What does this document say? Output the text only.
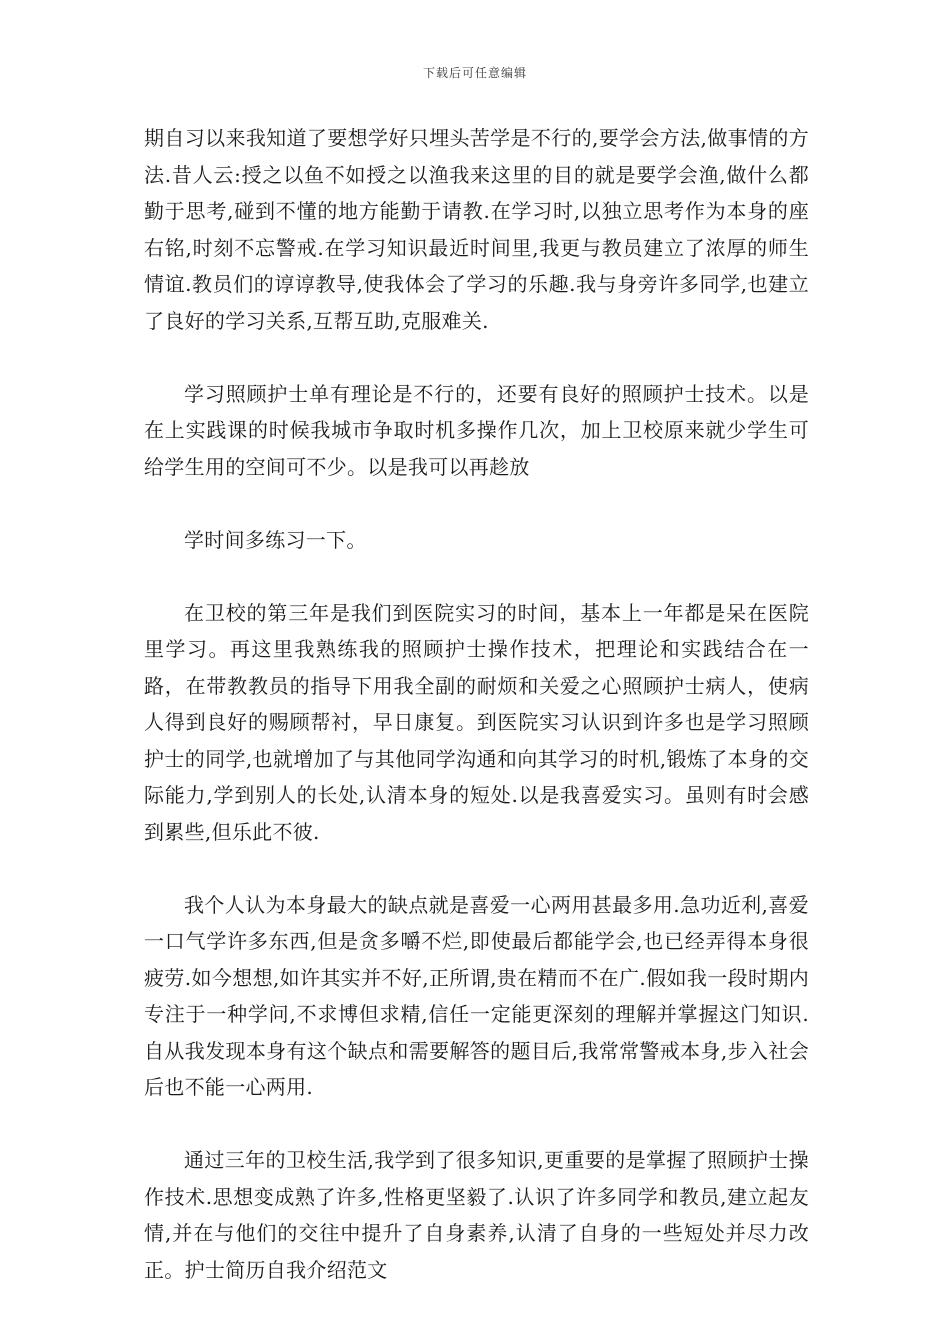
下载后可任意编辑

期自习以来我知道了要想学好只埋头苦学是不行的,要学会方法,做事情的方法.昔人云:授之以鱼不如授之以渔我来这里的目的就是要学会渔,做什么都勤于思考,碰到不懂的地方能勤于请教.在学习时,以独立思考作为本身的座右铭,时刻不忘警戒.在学习知识最近时间里,我更与教员建立了浓厚的师生情谊.教员们的谆谆教导,使我体会了学习的乐趣.我与身旁许多同学,也建立了良好的学习关系,互帮互助,克服难关.

学习照顾护士单有理论是不行的，还要有良好的照顾护士技术。以是在上实践课的时候我城市争取时机多操作几次，加上卫校原来就少学生可给学生用的空间可不少。以是我可以再趁放

学时间多练习一下。

在卫校的第三年是我们到医院实习的时间，基本上一年都是呆在医院里学习。再这里我熟练我的照顾护士操作技术，把理论和实践结合在一路，在带教教员的指导下用我全副的耐烦和关爱之心照顾护士病人，使病人得到良好的赐顾帮衬，早日康复。到医院实习认识到许多也是学习照顾护士的同学,也就增加了与其他同学沟通和向其学习的时机,锻炼了本身的交际能力,学到别人的长处,认清本身的短处.以是我喜爱实习。虽则有时会感到累些,但乐此不彼.

我个人认为本身最大的缺点就是喜爱一心两用甚最多用.急功近利,喜爱一口气学许多东西,但是贪多嚼不烂,即使最后都能学会,也已经弄得本身很疲劳.如今想想,如许其实并不好,正所谓,贵在精而不在广.假如我一段时期内专注于一种学问,不求博但求精,信任一定能更深刻的理解并掌握这门知识.自从我发现本身有这个缺点和需要解答的题目后,我常常警戒本身,步入社会后也不能一心两用.

通过三年的卫校生活,我学到了很多知识,更重要的是掌握了照顾护士操作技术.思想变成熟了许多,性格更坚毅了.认识了许多同学和教员,建立起友情,并在与他们的交往中提升了自身素养,认清了自身的一些短处并尽力改正。护士简历自我介绍范文
